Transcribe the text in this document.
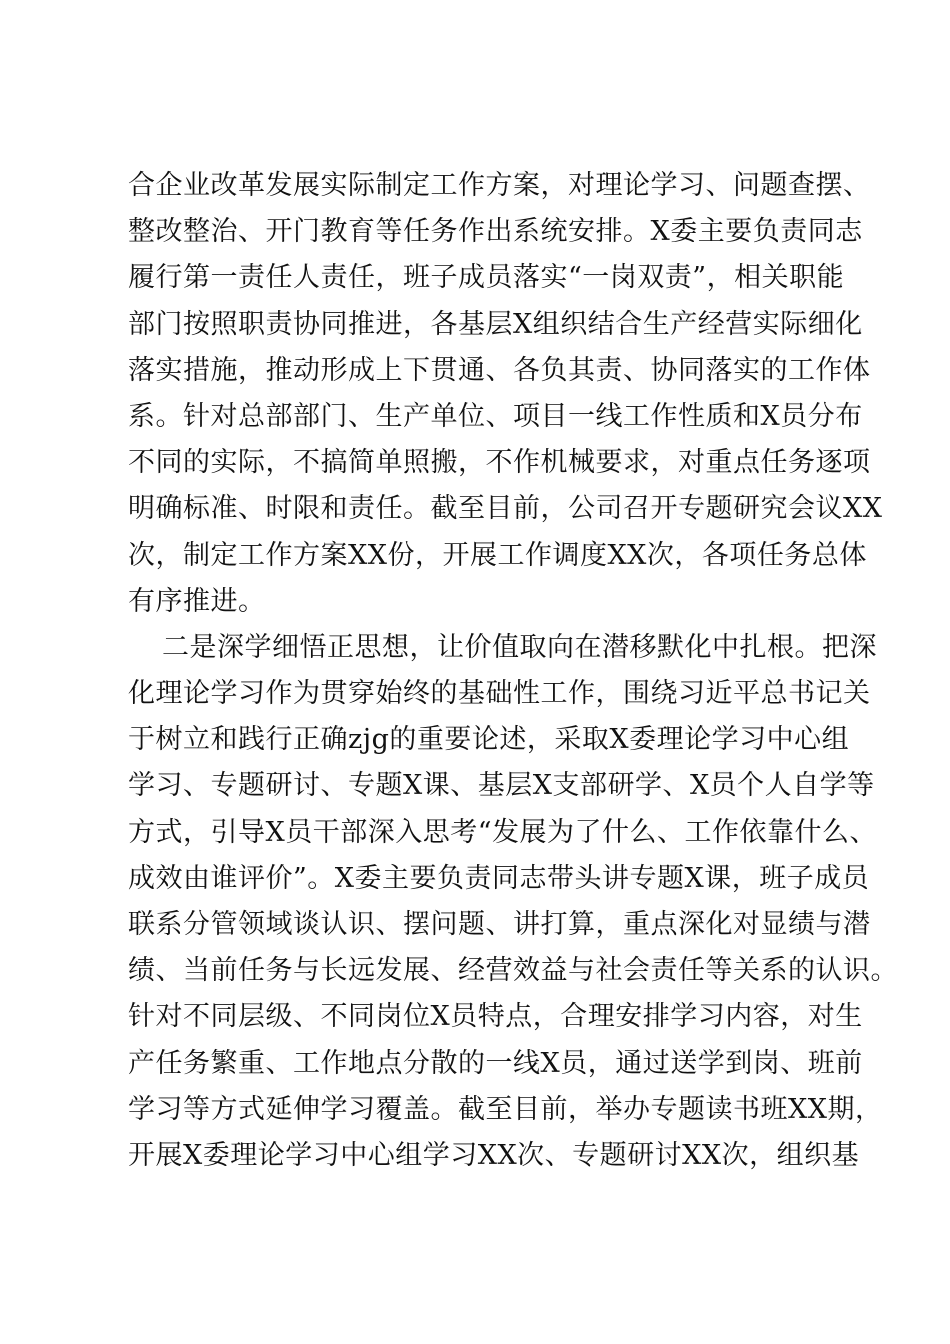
合企业改革发展实际制定工作方案，对理论学习、问题查摆、
整改整治、开门教育等任务作出系统安排。X委主要负责同志
履行第一责任人责任，班子成员落实“一岗双责”，相关职能
部门按照职责协同推进，各基层X组织结合生产经营实际细化
落实措施，推动形成上下贯通、各负其责、协同落实的工作体
系。针对总部部门、生产单位、项目一线工作性质和X员分布
不同的实际，不搞简单照搬，不作机械要求，对重点任务逐项
明确标准、时限和责任。截至目前，公司召开专题研究会议XX
次，制定工作方案XX份，开展工作调度XX次，各项任务总体
有序推进。
二是深学细悟正思想，让价值取向在潜移默化中扎根。把深
化理论学习作为贯穿始终的基础性工作，围绕习近平总书记关
于树立和践行正确zjg的重要论述，采取X委理论学习中心组
学习、专题研讨、专题X课、基层X支部研学、X员个人自学等
方式，引导X员干部深入思考“发展为了什么、工作依靠什么、
成效由谁评价”。X委主要负责同志带头讲专题X课，班子成员
联系分管领域谈认识、摆问题、讲打算，重点深化对显绩与潜
绩、当前任务与长远发展、经营效益与社会责任等关系的认识。
针对不同层级、不同岗位X员特点，合理安排学习内容，对生
产任务繁重、工作地点分散的一线X员，通过送学到岗、班前
学习等方式延伸学习覆盖。截至目前，举办专题读书班XX期，
开展X委理论学习中心组学习XX次、专题研讨XX次，组织基
